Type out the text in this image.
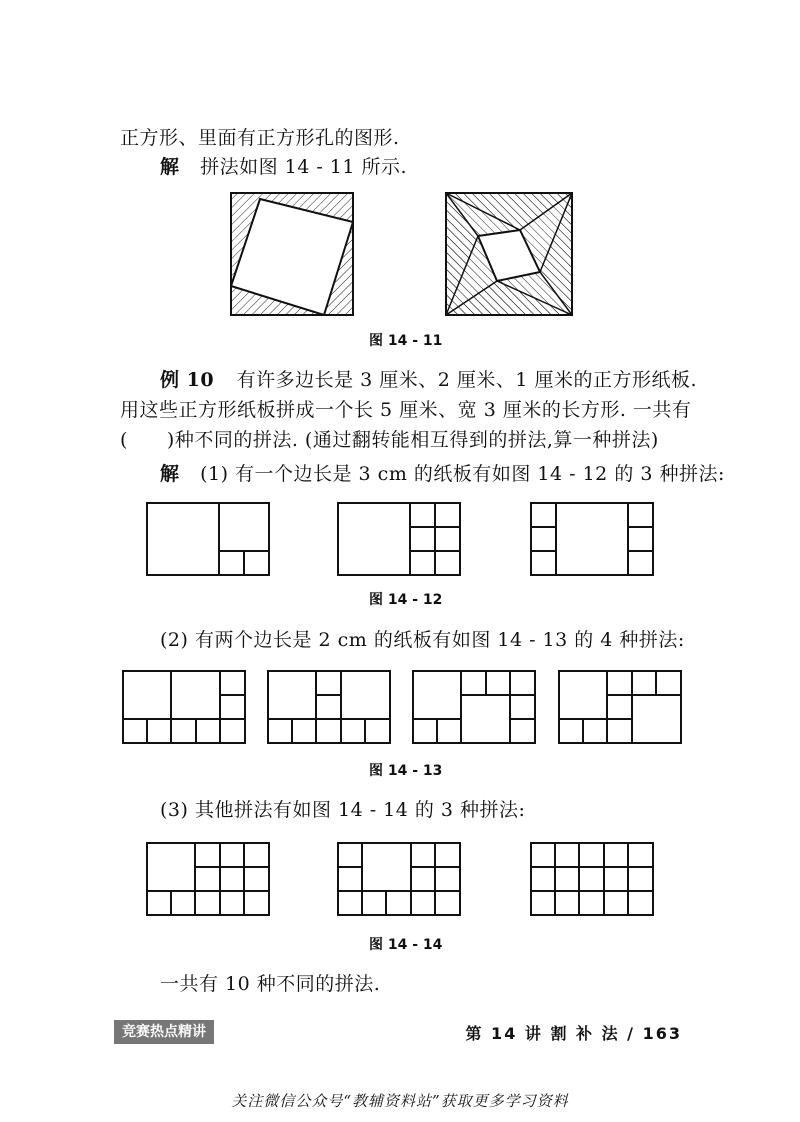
正方形、里面有正方形孔的图形.
解 拼法如图 14 - 11 所示.
图 14 - 11
例 10 有许多边长是 3 厘米、2 厘米、1 厘米的正方形纸板.
用这些正方形纸板拼成一个长 5 厘米、宽 3 厘米的长方形. 一共有
(　　)种不同的拼法. (通过翻转能相互得到的拼法,算一种拼法)
解 (1) 有一个边长是 3 cm 的纸板有如图 14 - 12 的 3 种拼法:
图 14 - 12
(2) 有两个边长是 2 cm 的纸板有如图 14 - 13 的 4 种拼法:
图 14 - 13
(3) 其他拼法有如图 14 - 14 的 3 种拼法:
图 14 - 14
一共有 10 种不同的拼法.
竞赛热点精讲	第 14 讲 割 补 法 / 163
关注微信公众号“教辅资料站”获取更多学习资料
